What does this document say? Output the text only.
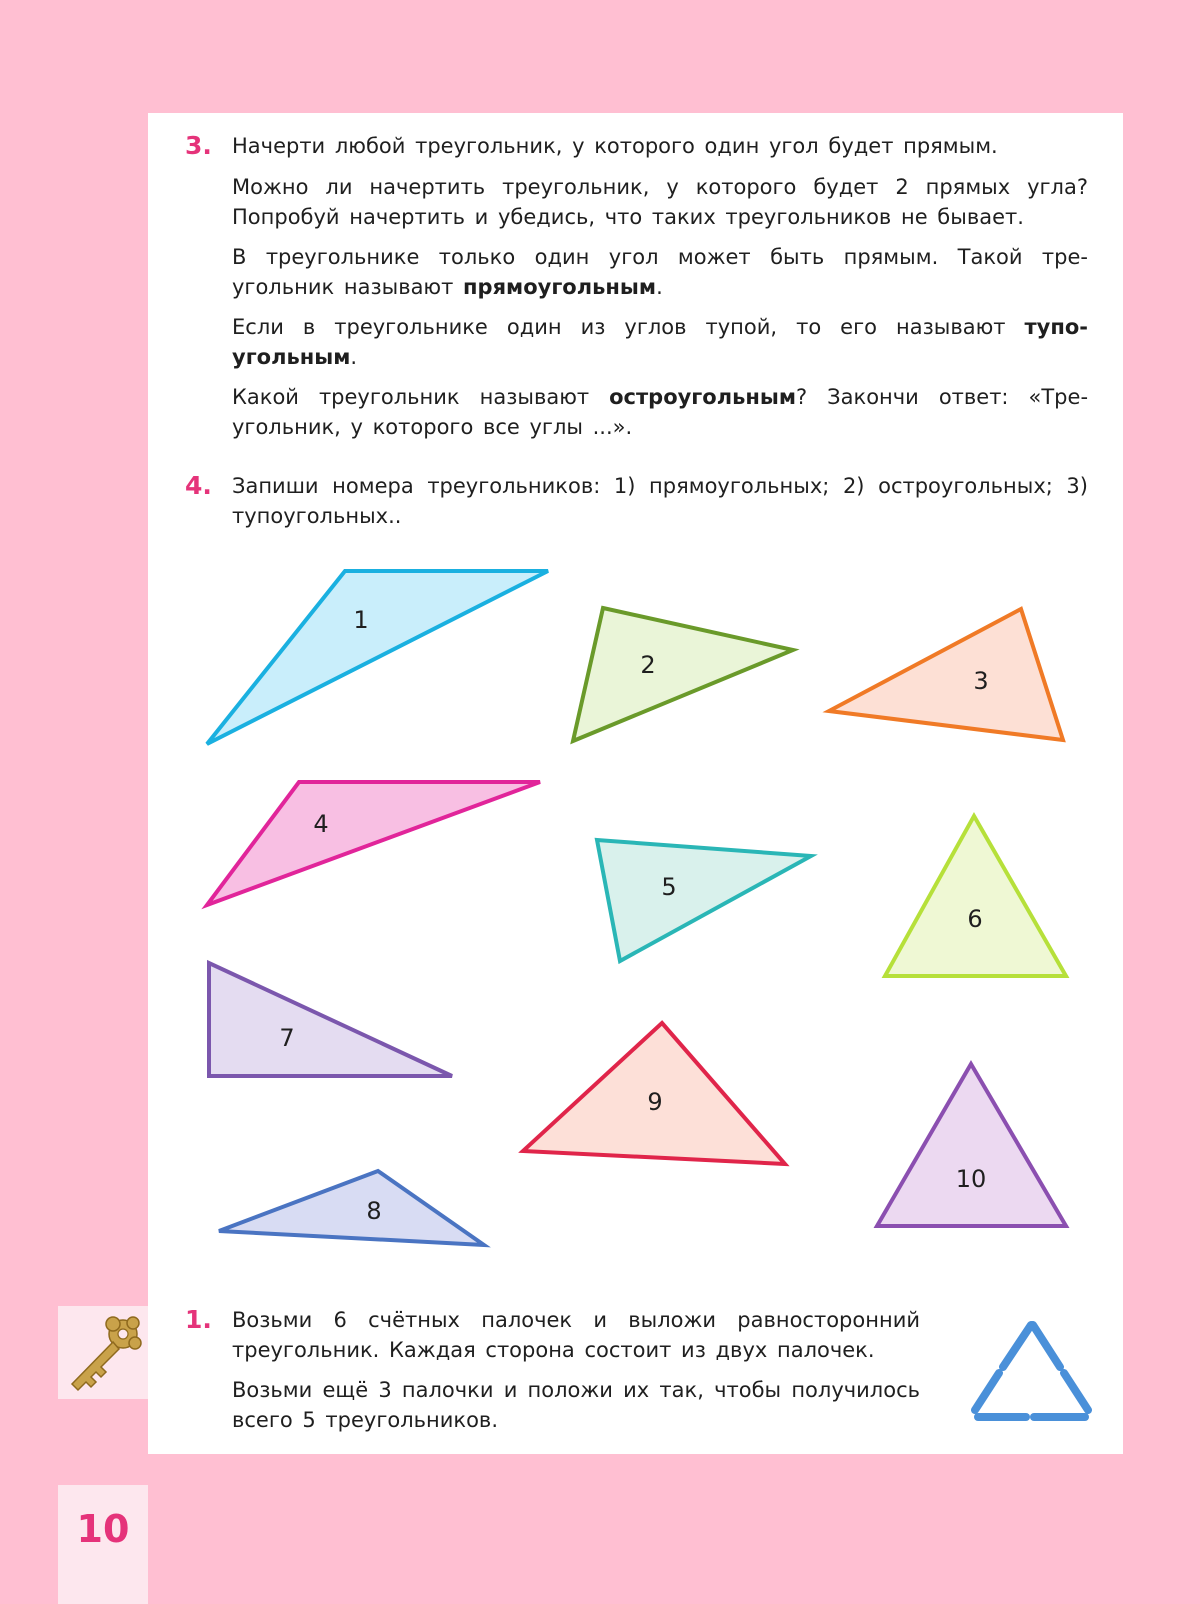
3. Начерти любой треугольник, у которого один угол будет прямым.

Можно ли начертить треугольник, у которого будет 2 прямых угла? Попробуй начертить и убедись, что таких треугольников не бывает.

В треугольнике только один угол может быть прямым. Такой треугольник называют прямоугольным.

Если в треугольнике один из углов тупой, то его называют тупоугольным.

Какой треугольник называют остроугольным? Закончи ответ: «Треугольник, у которого все углы ...».

4. Запиши номера треугольников: 1) прямоугольных; 2) остроугольных; 3) тупоугольных..

1. Возьми 6 счётных палочек и выложи равносторонний треугольник. Каждая сторона состоит из двух палочек.

Возьми ещё 3 палочки и положи их так, чтобы получилось всего 5 треугольников.

1
2
3
4
5
6
7
8
9
10
10
